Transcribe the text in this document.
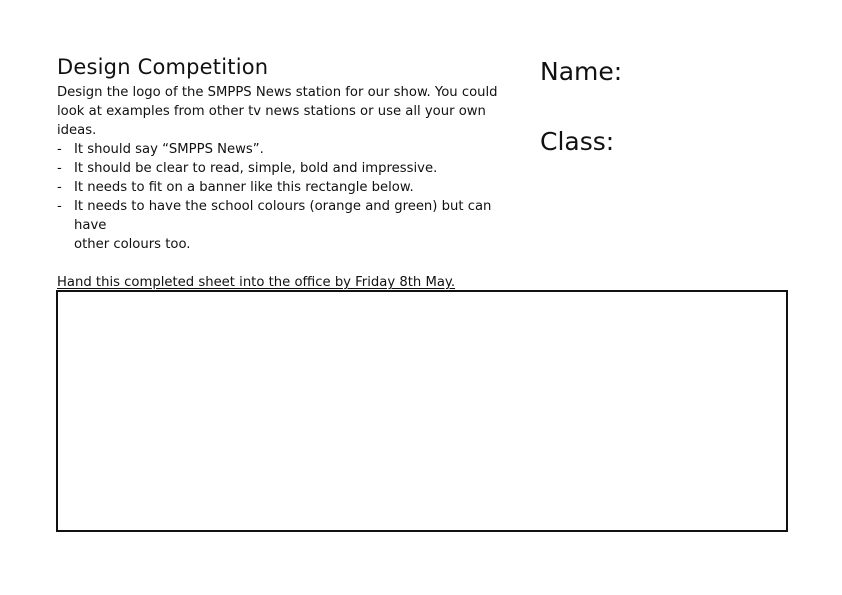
Design Competition

Design the logo of the SMPPS News station for our show. You could
look at examples from other tv news stations or use all your own ideas.

- It should say “SMPPS News”.
- It should be clear to read, simple, bold and impressive.
- It needs to fit on a banner like this rectangle below.
- It needs to have the school colours (orange and green) but can have
other colours too.
Hand this completed sheet into the office by Friday 8th May.
Name:
Class:
